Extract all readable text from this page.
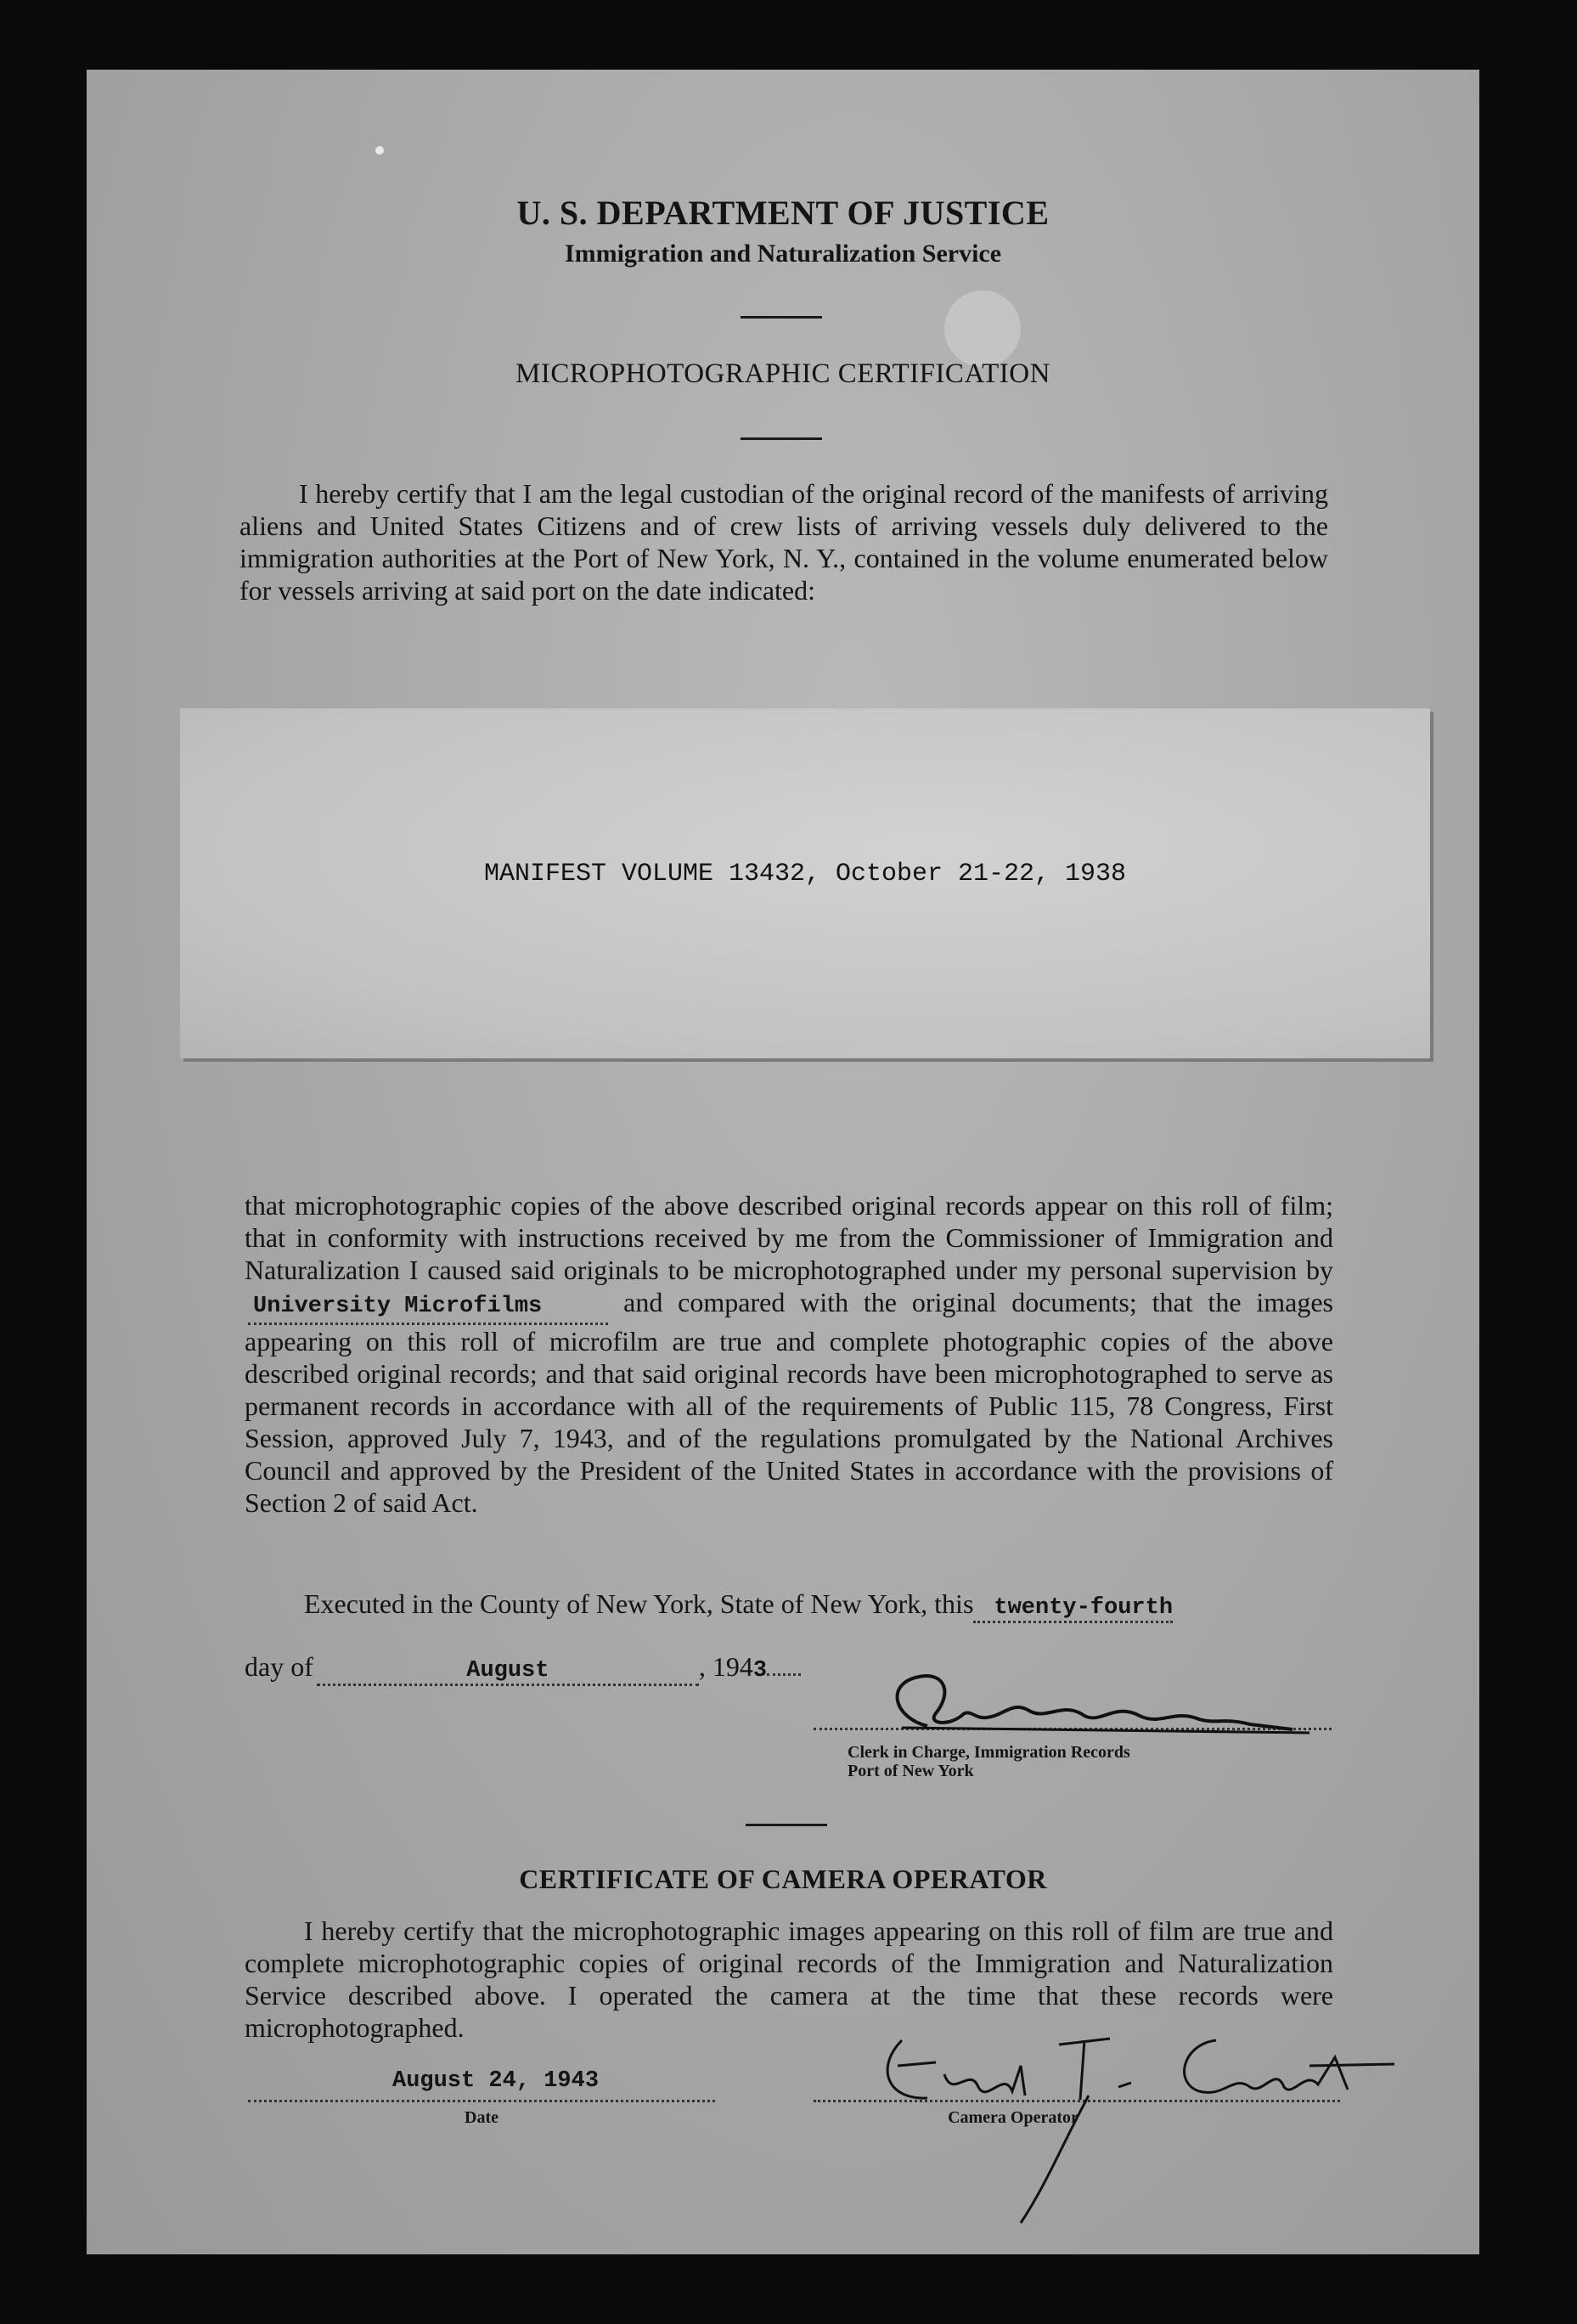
U. S. DEPARTMENT OF JUSTICE
Immigration and Naturalization Service
MICROPHOTOGRAPHIC CERTIFICATION
I hereby certify that I am the legal custodian of the original record of the manifests of arriving aliens and United States Citizens and of crew lists of arriving vessels duly delivered to the immigration authorities at the Port of New York, N. Y., contained in the volume enumerated below for vessels arriving at said port on the date indicated:
MANIFEST VOLUME 13432, October 21-22, 1938
that microphotographic copies of the above described original records appear on this roll of film; that in conformity with instructions received by me from the Commissioner of Immigration and Naturalization I caused said originals to be microphotographed under my personal supervision byUniversity Microfilms	and compared with the original documents; that the images appearing on this roll of microfilm are true and complete photographic copies of the above described original records; and that said original records have been microphotographed to serve as permanent records in accordance with all of the requirements of Public 115, 78 Congress, First Session, approved July 7, 1943, and of the regulations promulgated by the National Archives Council and approved by the President of the United States in accordance with the provisions of Section 2 of said Act.
Executed in the County of New York, State of New York, this twenty-fourth
day of	August	, 1943
Clerk in Charge, Immigration Records
Port of New York
CERTIFICATE OF CAMERA OPERATOR
I hereby certify that the microphotographic images appearing on this roll of film are true and complete microphotographic copies of original records of the Immigration and Naturalization Service described above. I operated the camera at the time that these records were microphotographed.
August 24, 1943
Date	Camera Operator
